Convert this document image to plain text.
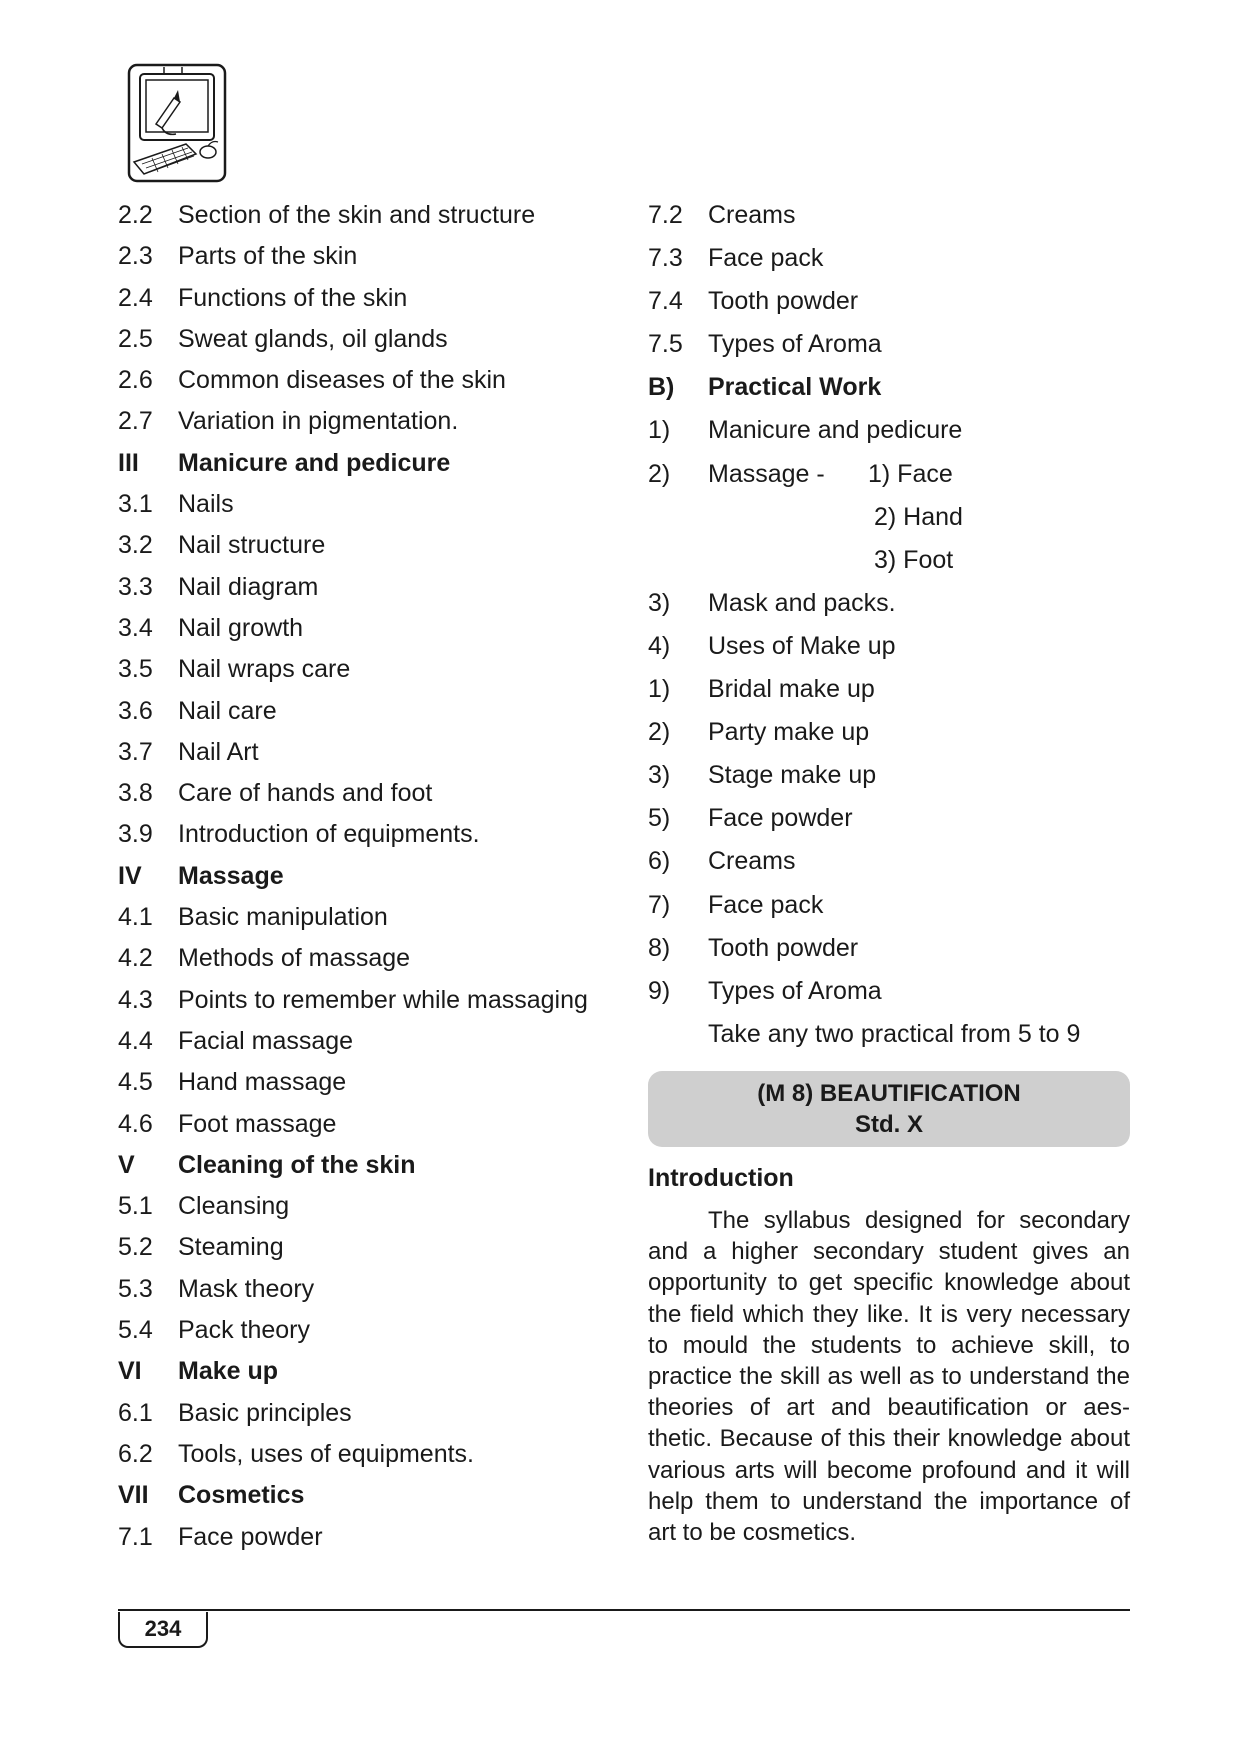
2.2	Section of the skin and structure
2.3	Parts of the skin
2.4	Functions of the skin
2.5	Sweat glands, oil glands
2.6	Common diseases of the skin
2.7	Variation in pigmentation.
III	Manicure and pedicure
3.1	Nails
3.2	Nail structure
3.3	Nail diagram
3.4	Nail growth
3.5	Nail wraps care
3.6	Nail care
3.7	Nail Art
3.8	Care of hands and foot
3.9	Introduction of equipments.
IV	Massage
4.1	Basic manipulation
4.2	Methods of massage
4.3	Points to remember while massaging
4.4	Facial massage
4.5	Hand massage
4.6	Foot massage
V	Cleaning of the skin
5.1	Cleansing
5.2	Steaming
5.3	Mask theory
5.4	Pack theory
VI	Make up
6.1	Basic principles
6.2	Tools, uses of equipments.
VII	Cosmetics
7.1	Face powder
7.2	Creams
7.3	Face pack
7.4	Tooth powder
7.5	Types of Aroma
B)	Practical Work
1)	Manicure and pedicure
2)	Massage - 1) Face
2) Hand
3) Foot
3)	Mask and packs.
4)	Uses of Make up
1)	Bridal make up
2)	Party make up
3)	Stage make up
5)	Face powder
6)	Creams
7)	Face pack
8)	Tooth powder
9)	Types of Aroma
Take any two practical from 5 to 9
(M 8) BEAUTIFICATION
Std. X
Introduction
The syllabus designed for secondary and a higher secondary student gives an opportunity to get specific knowledge about the field which they like. It is very necessary to mould the students to achieve skill, to practice the skill as well as to understand the theories of art and beautification or aes-thetic. Because of this their knowledge about various arts will become profound and it will help them to understand the importance of art to be cosmetics.
234
